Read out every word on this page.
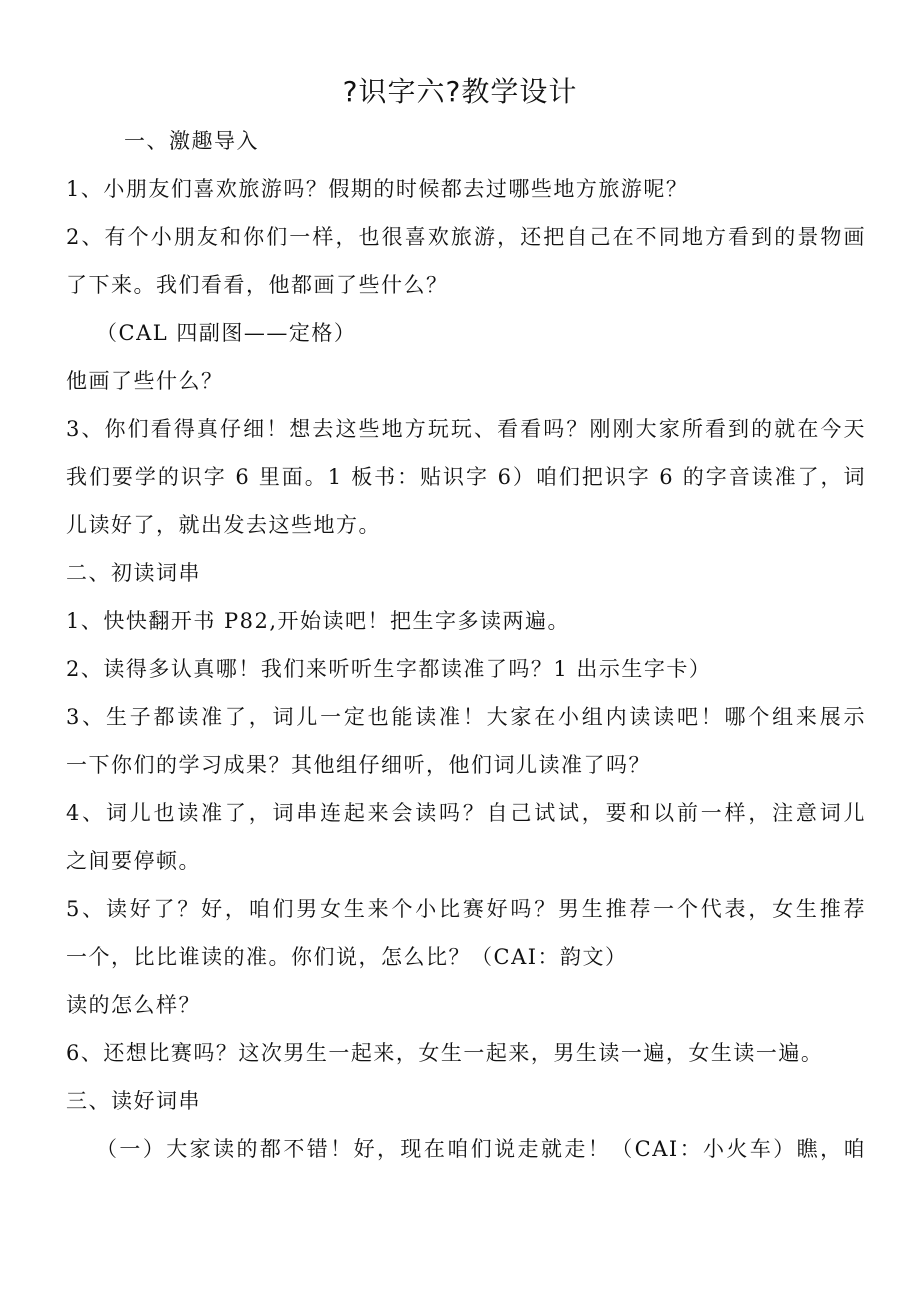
?识字六?教学设计
一、激趣导入
1、小朋友们喜欢旅游吗？假期的时候都去过哪些地方旅游呢？
2、有个小朋友和你们一样，也很喜欢旅游，还把自己在不同地方看到的景物画
了下来。我们看看，他都画了些什么？
（CAL 四副图——定格）
他画了些什么？
3、你们看得真仔细！想去这些地方玩玩、看看吗？刚刚大家所看到的就在今天
我们要学的识字 6 里面。1 板书：贴识字 6）咱们把识字 6 的字音读准了，词
儿读好了，就出发去这些地方。
二、初读词串
1、快快翻开书 P82,开始读吧！把生字多读两遍。
2、读得多认真哪！我们来听听生字都读准了吗？1 出示生字卡）
3、生子都读准了，词儿一定也能读准！大家在小组内读读吧！哪个组来展示
一下你们的学习成果？其他组仔细听，他们词儿读准了吗？
4、词儿也读准了，词串连起来会读吗？自己试试，要和以前一样，注意词儿
之间要停顿。
5、读好了？好，咱们男女生来个小比赛好吗？男生推荐一个代表，女生推荐
一个，比比谁读的准。你们说，怎么比？（CAI：韵文）
读的怎么样？
6、还想比赛吗？这次男生一起来，女生一起来，男生读一遍，女生读一遍。
三、读好词串
（一）大家读的都不错！好，现在咱们说走就走！（CAI：小火车）瞧，咱
